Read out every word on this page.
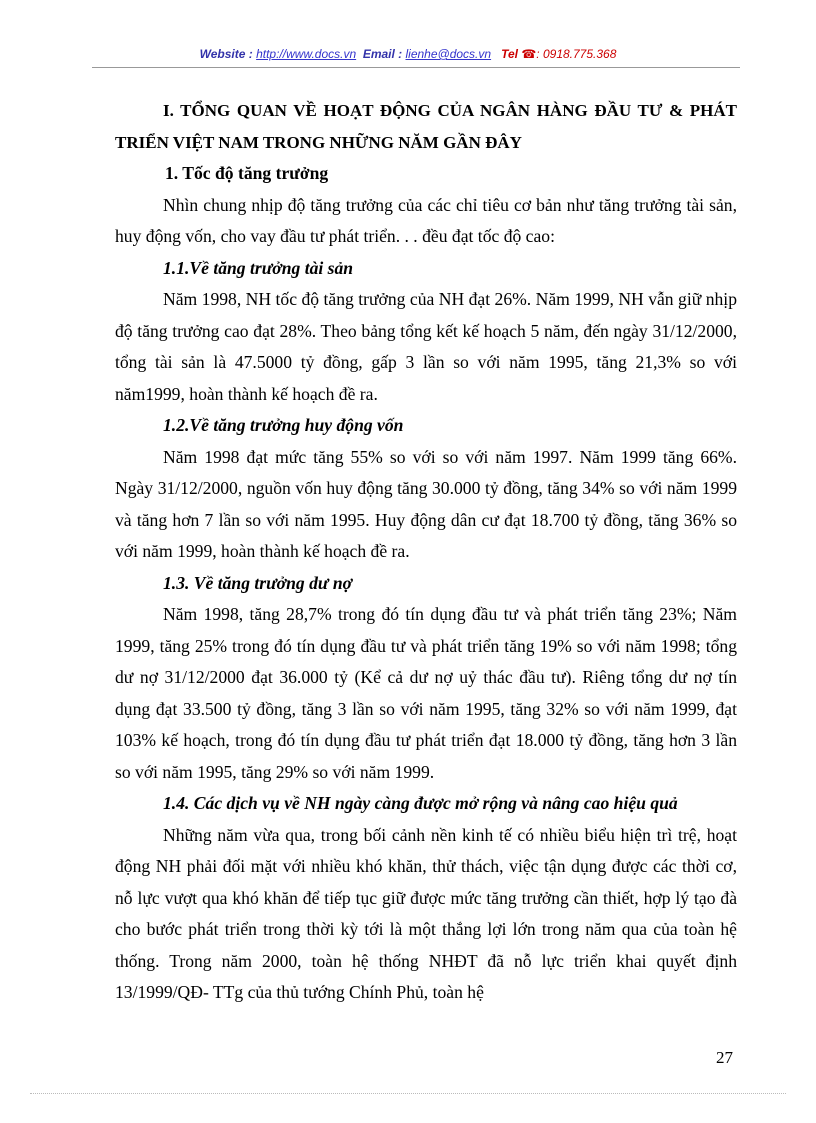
Website : http://www.docs.vn Email : lienhe@docs.vn Tel ☎: 0918.775.368

I. TỔNG QUAN VỀ HOẠT ĐỘNG CỦA NGÂN HÀNG ĐẦU TƯ & PHÁT TRIỂN VIỆT NAM TRONG NHỮNG NĂM GẦN ĐÂY

1. Tốc độ tăng trưởng

Nhìn chung nhịp độ tăng trưởng của các chỉ tiêu cơ bản như tăng trưởng tài sản, huy động vốn, cho vay đầu tư phát triển. . . đều đạt tốc độ cao:

1.1.Về tăng trưởng tài sản

Năm 1998, NH tốc độ tăng trưởng của NH đạt 26%. Năm 1999, NH vẫn giữ nhịp độ tăng trưởng cao đạt 28%. Theo bảng tổng kết kế hoạch 5 năm, đến ngày 31/12/2000, tổng tài sản là 47.5000 tỷ đồng, gấp 3 lần so với năm 1995, tăng 21,3% so với năm1999, hoàn thành kế hoạch đề ra.

1.2.Về tăng trưởng huy động vốn

Năm 1998 đạt mức tăng 55% so với so với năm 1997. Năm 1999 tăng 66%. Ngày 31/12/2000, nguồn vốn huy động tăng 30.000 tỷ đồng, tăng 34% so với năm 1999 và tăng hơn 7 lần so với năm 1995. Huy động dân cư đạt 18.700 tỷ đồng, tăng 36% so với năm 1999, hoàn thành kế hoạch đề ra.

1.3. Về tăng trưởng dư nợ

Năm 1998, tăng 28,7% trong đó tín dụng đầu tư và phát triển tăng 23%; Năm 1999, tăng 25% trong đó tín dụng đầu tư và phát triển tăng 19% so với năm 1998; tổng dư nợ 31/12/2000 đạt 36.000 tỷ (Kể cả dư nợ uỷ thác đầu tư). Riêng tổng dư nợ tín dụng đạt 33.500 tỷ đồng, tăng 3 lần so với năm 1995, tăng 32% so với năm 1999, đạt 103% kế hoạch, trong đó tín dụng đầu tư phát triển đạt 18.000 tỷ đồng, tăng hơn 3 lần so với năm 1995, tăng 29% so với năm 1999.

1.4. Các dịch vụ về NH ngày càng được mở rộng và nâng cao hiệu quả

Những năm vừa qua, trong bối cảnh nền kinh tế có nhiều biểu hiện trì trệ, hoạt động NH phải đối mặt với nhiều khó khăn, thử thách, việc tận dụng được các thời cơ, nỗ lực vượt qua khó khăn để tiếp tục giữ được mức tăng trưởng cần thiết, hợp lý tạo đà cho bước phát triển trong thời kỳ tới là một thắng lợi lớn trong năm qua của toàn hệ thống. Trong năm 2000, toàn hệ thống NHĐT đã nỗ lực triển khai quyết định 13/1999/QĐ- TTg của thủ tướng Chính Phủ, toàn hệ

27
